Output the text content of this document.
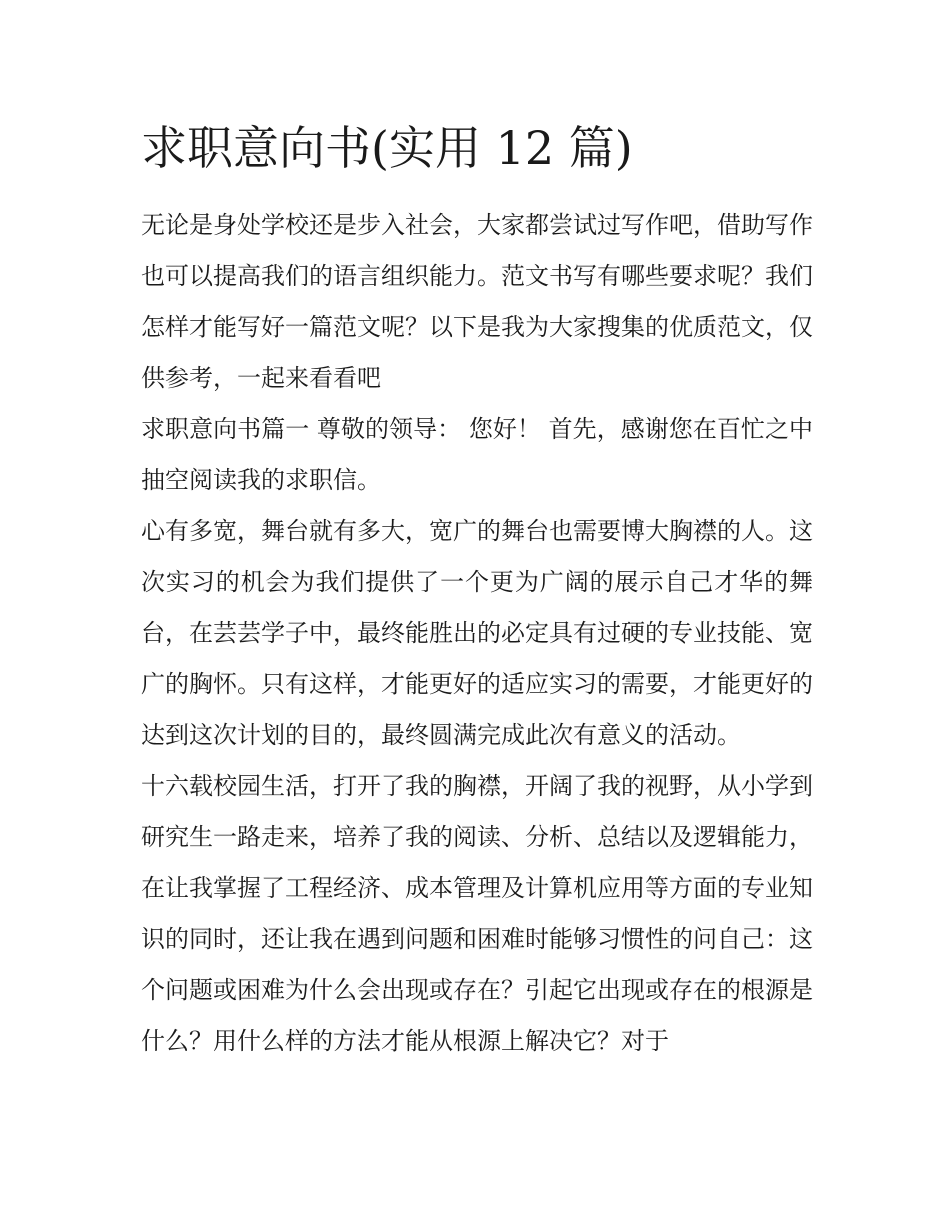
求职意向书(实用 12 篇)

无论是身处学校还是步入社会，大家都尝试过写作吧，借助写作也可以提高我们的语言组织能力。范文书写有哪些要求呢？我们怎样才能写好一篇范文呢？以下是我为大家搜集的优质范文，仅供参考，一起来看看吧

求职意向书篇一 尊敬的领导： 您好！ 首先，感谢您在百忙之中抽空阅读我的求职信。

心有多宽，舞台就有多大，宽广的舞台也需要博大胸襟的人。这次实习的机会为我们提供了一个更为广阔的展示自己才华的舞台，在芸芸学子中，最终能胜出的必定具有过硬的专业技能、宽广的胸怀。只有这样，才能更好的适应实习的需要，才能更好的达到这次计划的目的，最终圆满完成此次有意义的活动。

十六载校园生活，打开了我的胸襟，开阔了我的视野，从小学到研究生一路走来，培养了我的阅读、分析、总结以及逻辑能力，在让我掌握了工程经济、成本管理及计算机应用等方面的专业知识的同时，还让我在遇到问题和困难时能够习惯性的问自己：这个问题或困难为什么会出现或存在？引起它出现或存在的根源是什么？用什么样的方法才能从根源上解决它？对于
